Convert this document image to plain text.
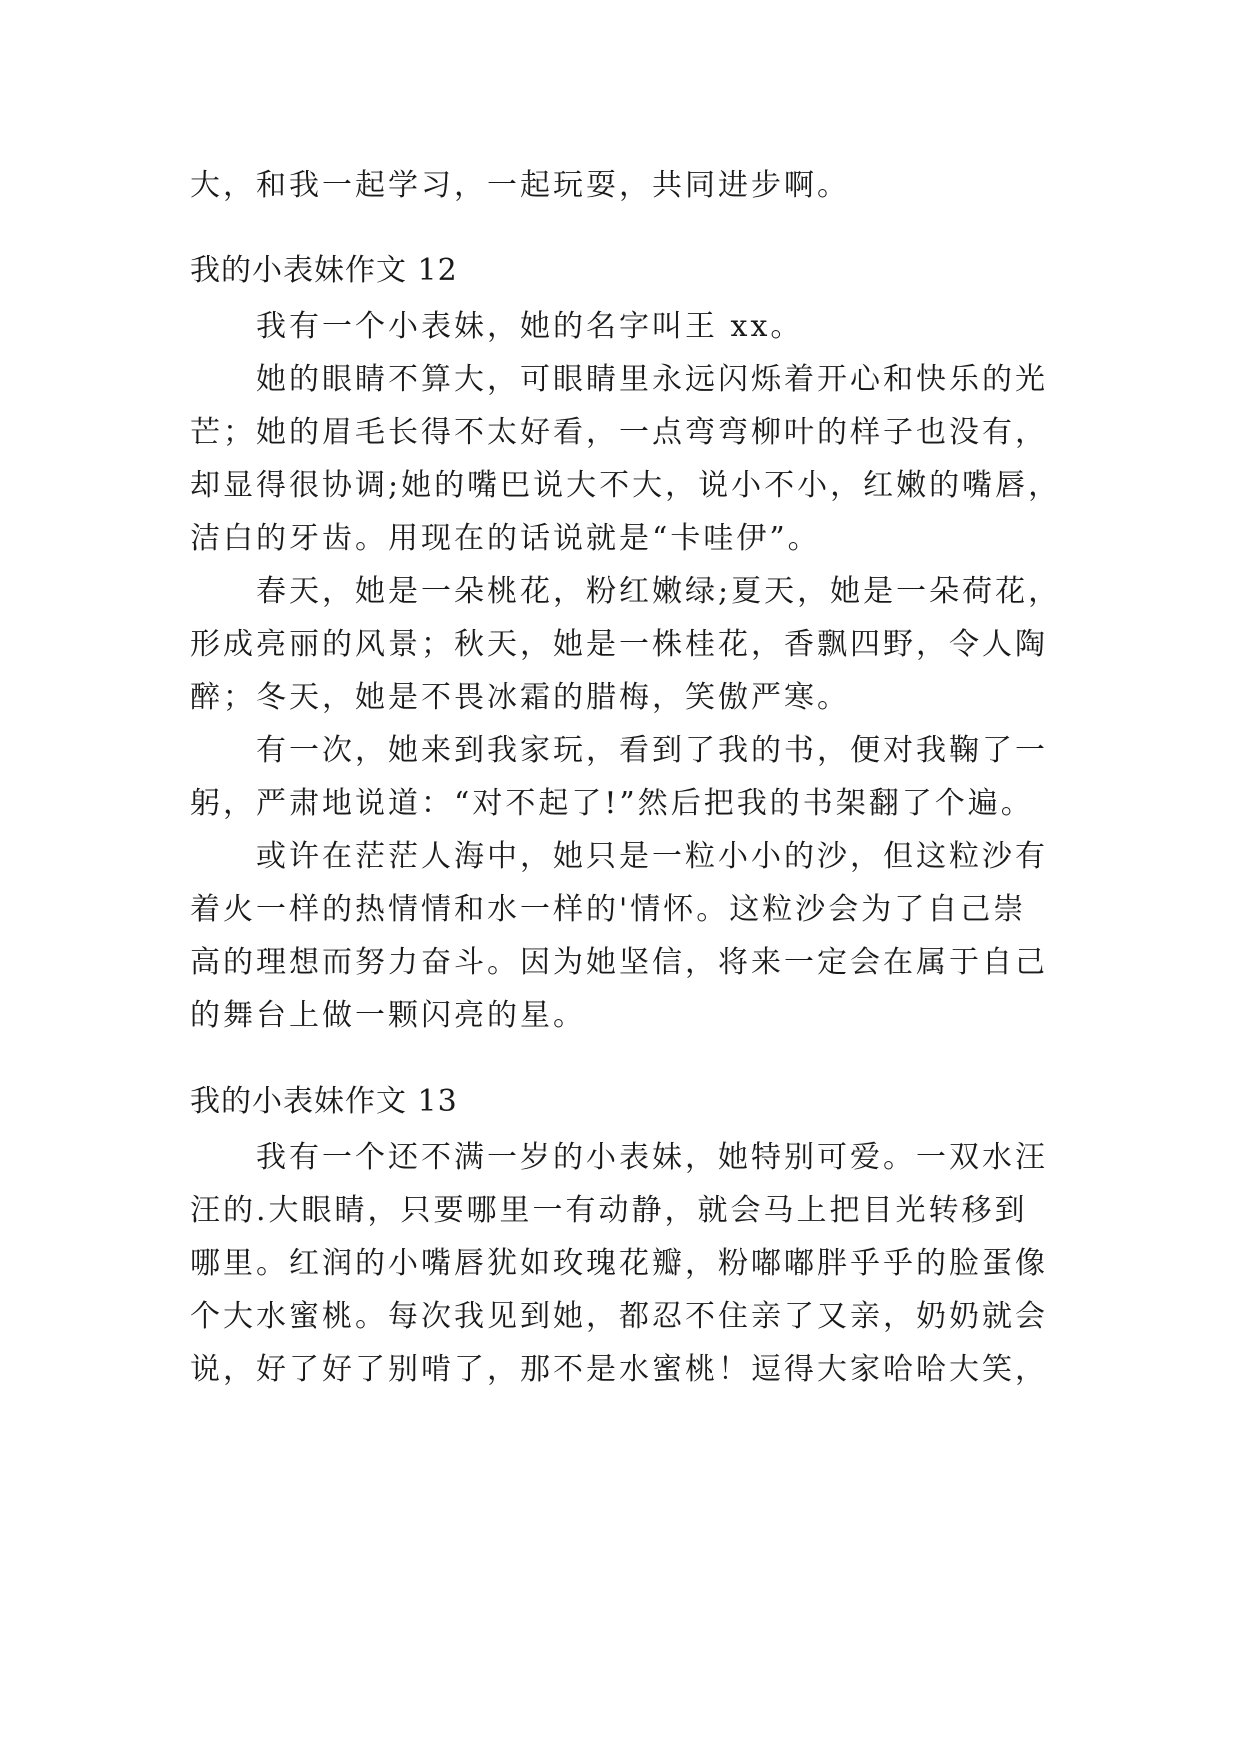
大，和我一起学习，一起玩耍，共同进步啊。
我的小表妹作文 12
我有一个小表妹，她的名字叫王 xx。
她的眼睛不算大，可眼睛里永远闪烁着开心和快乐的光
芒；她的眉毛长得不太好看，一点弯弯柳叶的样子也没有，
却显得很协调;她的嘴巴说大不大，说小不小，红嫩的嘴唇，
洁白的牙齿。用现在的话说就是“卡哇伊”。
春天，她是一朵桃花，粉红嫩绿;夏天，她是一朵荷花，
形成亮丽的风景；秋天，她是一株桂花，香飘四野，令人陶
醉；冬天，她是不畏冰霜的腊梅，笑傲严寒。
有一次，她来到我家玩，看到了我的书，便对我鞠了一
躬，严肃地说道：“对不起了!”然后把我的书架翻了个遍。
或许在茫茫人海中，她只是一粒小小的沙，但这粒沙有
着火一样的热情情和水一样的'情怀。这粒沙会为了自己崇
高的理想而努力奋斗。因为她坚信，将来一定会在属于自己
的舞台上做一颗闪亮的星。
我的小表妹作文 13
我有一个还不满一岁的小表妹，她特别可爱。一双水汪
汪的.大眼睛，只要哪里一有动静，就会马上把目光转移到
哪里。红润的小嘴唇犹如玫瑰花瓣，粉嘟嘟胖乎乎的脸蛋像
个大水蜜桃。每次我见到她，都忍不住亲了又亲，奶奶就会
说，好了好了别啃了，那不是水蜜桃！逗得大家哈哈大笑，
